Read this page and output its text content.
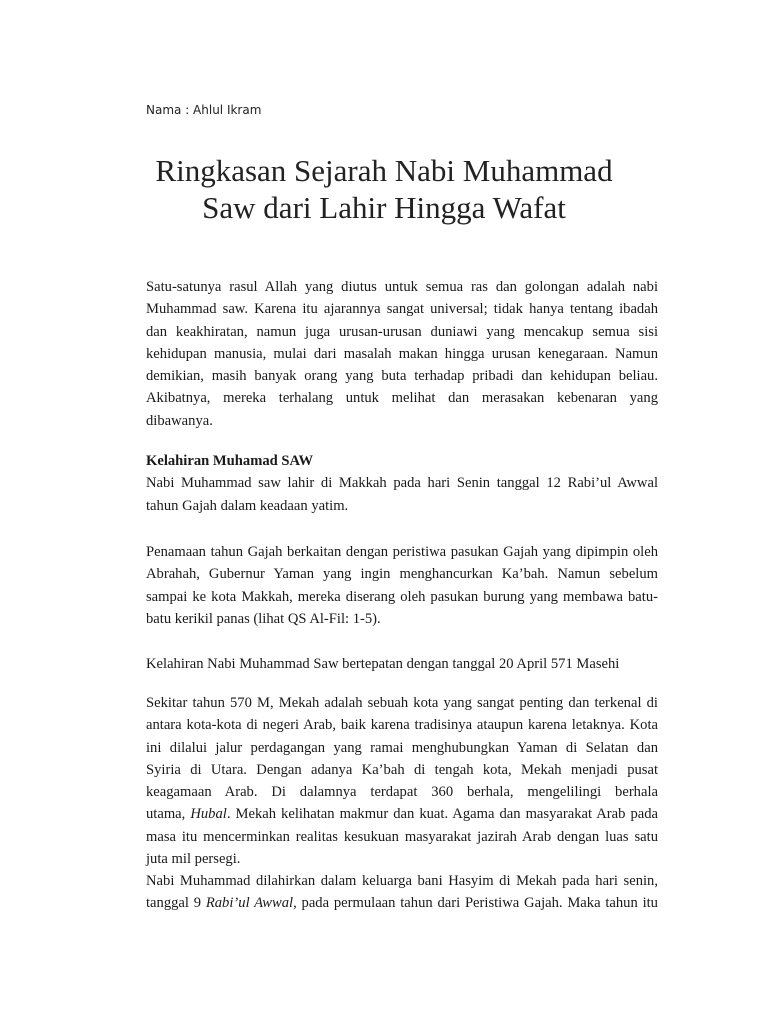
Nama : Ahlul Ikram
Ringkasan Sejarah Nabi Muhammad
Saw dari Lahir Hingga Wafat
Satu-satunya rasul Allah yang diutus untuk semua ras dan golongan adalah nabi
Muhammad saw. Karena itu ajarannya sangat universal; tidak hanya tentang ibadah
dan keakhiratan, namun juga urusan-urusan duniawi yang mencakup semua sisi
kehidupan manusia, mulai dari masalah makan hingga urusan kenegaraan. Namun
demikian, masih banyak orang yang buta terhadap pribadi dan kehidupan beliau.
Akibatnya, mereka terhalang untuk melihat dan merasakan kebenaran yang
dibawanya.
Kelahiran Muhamad SAW
Nabi Muhammad saw lahir di Makkah pada hari Senin tanggal 12 Rabi’ul Awwal
tahun Gajah dalam keadaan yatim.
Penamaan tahun Gajah berkaitan dengan peristiwa pasukan Gajah yang dipimpin oleh
Abrahah, Gubernur Yaman yang ingin menghancurkan Ka’bah. Namun sebelum
sampai ke kota Makkah, mereka diserang oleh pasukan burung yang membawa batu-
batu kerikil panas (lihat QS Al-Fil: 1-5).
Kelahiran Nabi Muhammad Saw bertepatan dengan tanggal 20 April 571 Masehi
Sekitar tahun 570 M, Mekah adalah sebuah kota yang sangat penting dan terkenal di
antara kota-kota di negeri Arab, baik karena tradisinya ataupun karena letaknya. Kota
ini dilalui jalur perdagangan yang ramai menghubungkan Yaman di Selatan dan
Syiria di Utara. Dengan adanya Ka’bah di tengah kota, Mekah menjadi pusat
keagamaan Arab. Di dalamnya terdapat 360 berhala, mengelilingi berhala
utama, Hubal. Mekah kelihatan makmur dan kuat. Agama dan masyarakat Arab pada
masa itu mencerminkan realitas kesukuan masyarakat jazirah Arab dengan luas satu
juta mil persegi.
Nabi Muhammad dilahirkan dalam keluarga bani Hasyim di Mekah pada hari senin,
tanggal 9 Rabi’ul Awwal, pada permulaan tahun dari Peristiwa Gajah. Maka tahun itu
